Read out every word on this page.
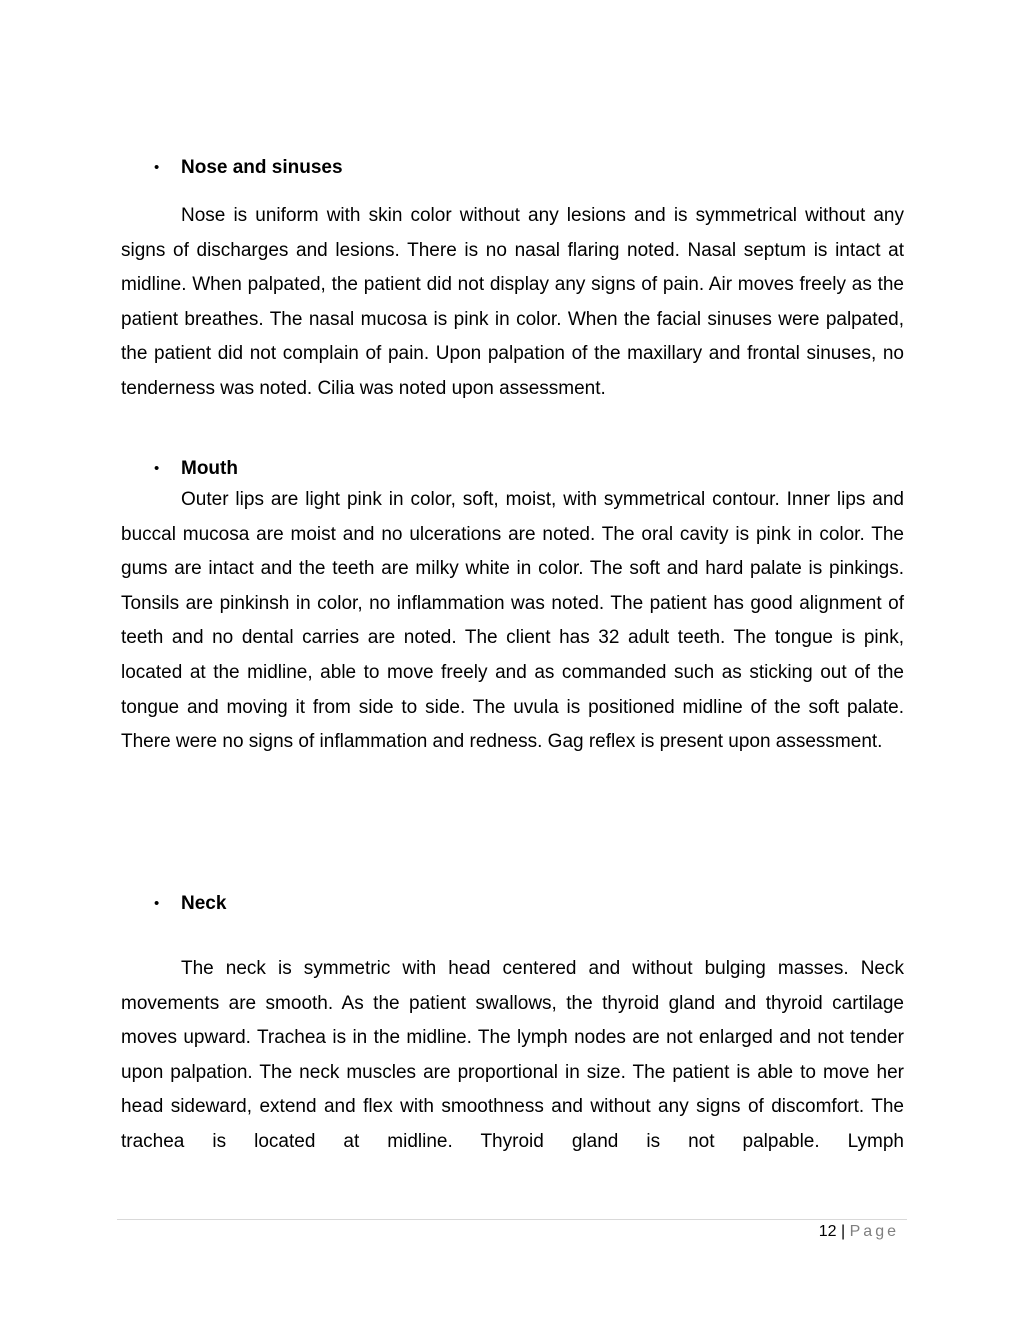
• Nose and sinuses

Nose is uniform with skin color without any lesions and is symmetrical without any signs of discharges and lesions. There is no nasal flaring noted. Nasal septum is intact at midline. When palpated, the patient did not display any signs of pain. Air moves freely as the patient breathes. The nasal mucosa is pink in color. When the facial sinuses were palpated, the patient did not complain of pain. Upon palpation of the maxillary and frontal sinuses, no tenderness was noted. Cilia was noted upon assessment.

• Mouth

Outer lips are light pink in color, soft, moist, with symmetrical contour. Inner lips and buccal mucosa are moist and no ulcerations are noted. The oral cavity is pink in color. The gums are intact and the teeth are milky white in color. The soft and hard palate is pinkings. Tonsils are pinkinsh in color, no inflammation was noted. The patient has good alignment of teeth and no dental carries are noted. The client has 32 adult teeth. The tongue is pink, located at the midline, able to move freely and as commanded such as sticking out of the tongue and moving it from side to side. The uvula is positioned midline of the soft palate. There were no signs of inflammation and redness. Gag reflex is present upon assessment.

• Neck

The neck is symmetric with head centered and without bulging masses. Neck movements are smooth. As the patient swallows, the thyroid gland and thyroid cartilage moves upward. Trachea is in the midline. The lymph nodes are not enlarged and not tender upon palpation. The neck muscles are proportional in size. The patient is able to move her head sideward, extend and flex with smoothness and without any signs of discomfort. The trachea is located at midline. Thyroid gland is not palpable. Lymph

12 | Page
